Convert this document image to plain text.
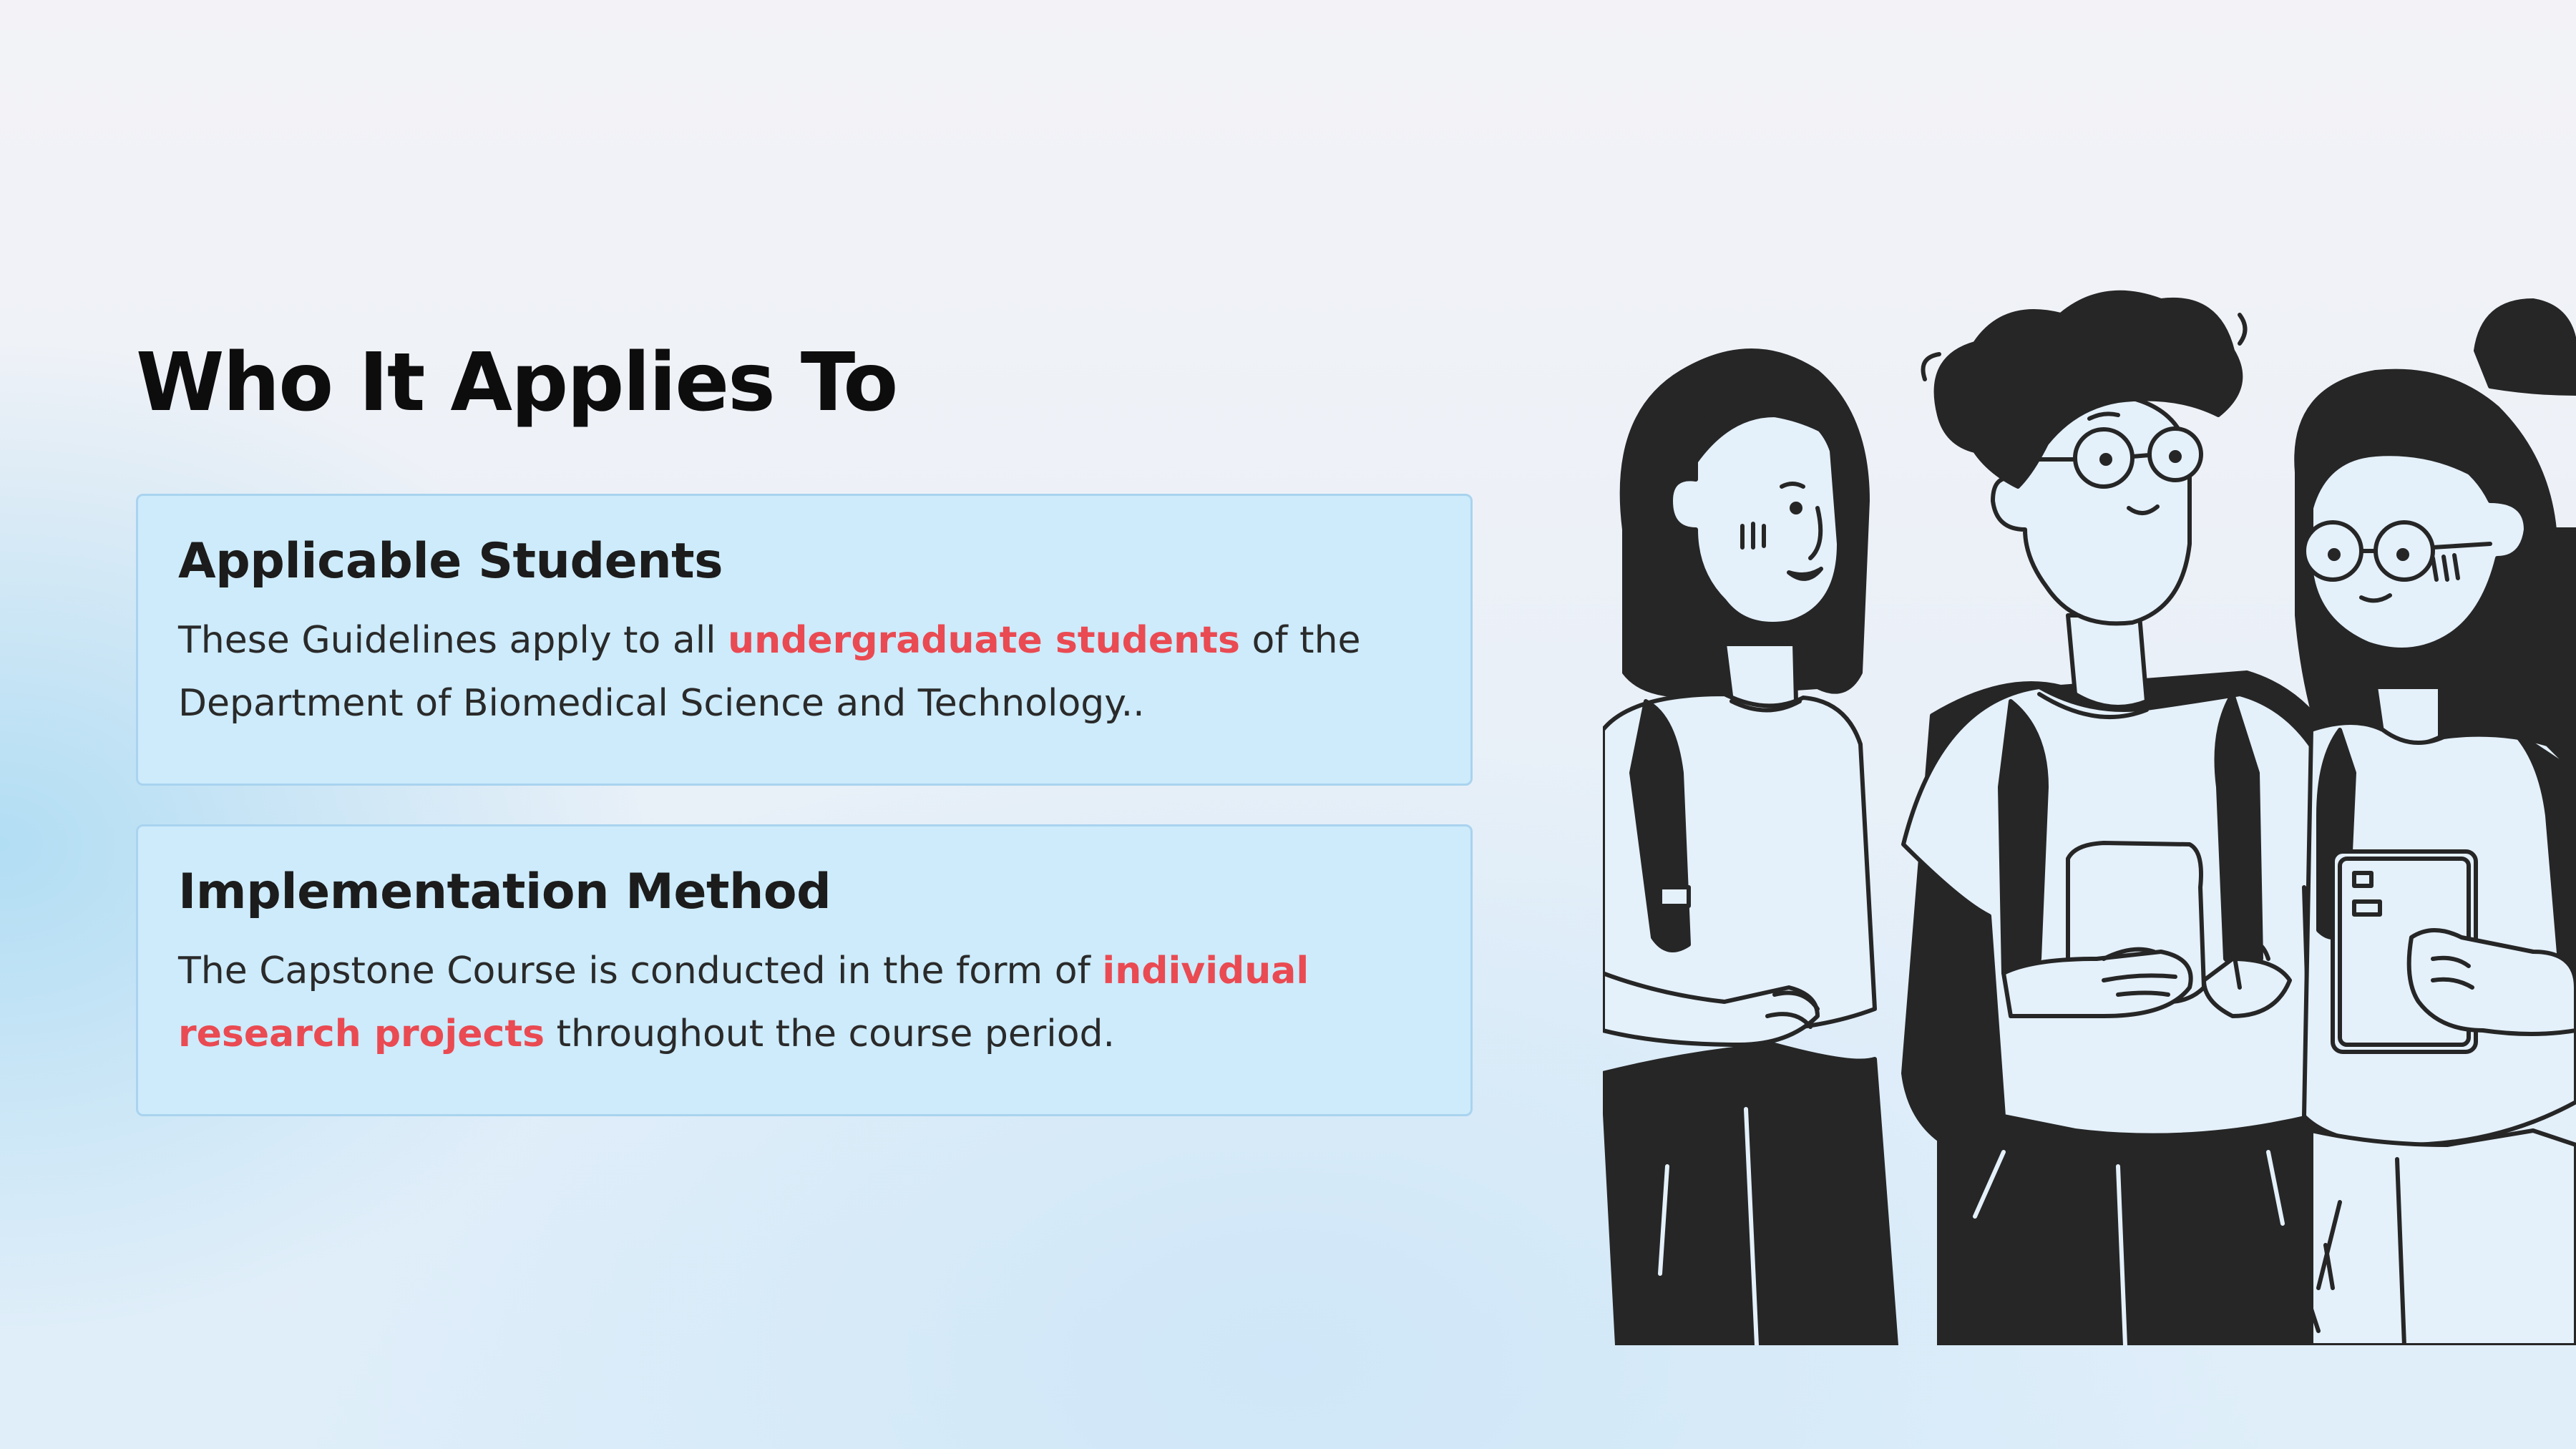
Who It Applies To
Applicable Students

These Guidelines apply to all undergraduate students of the
Department of Biomedical Science and Technology..

Implementation Method

The Capstone Course is conducted in the form of individual
research projects throughout the course period.
